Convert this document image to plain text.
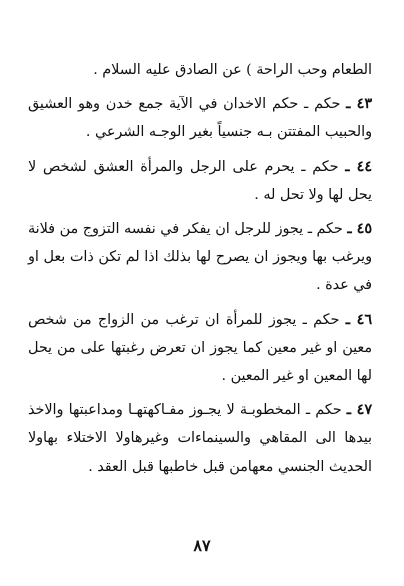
الطعام وحب الراحة ) عن الصادق عليه السلام .

٤٣ ـ حكم ـ حكم الاخدان في الآية جمع خدن وهو العشيق والحبيب المفتتن بـه جنسياً بغير الوجـه الشرعي .

٤٤ ـ حكم ـ يحرم على الرجل والمرأة العشق لشخص لا يحل لها ولا تحل له .

٤٥ ـ حكم ـ يجوز للرجل ان يفكر في نفسه التزوج من فلانة ويرغب بها ويجوز ان يصرح لها بذلك اذا لم تكن ذات بعل او في عدة .

٤٦ ـ حكم ـ يجوز للمرأة ان ترغب من الزواج من شخص معين او غير معين كما يجوز ان تعرض رغبتها على من يحل لها المعين او غير المعين .

٤٧ ـ حكم ـ المخطوبـة لا يجـوز مفـاكهتهـا ومداعبتها والاخذ بيدها الى المقاهي والسينماءات وغيرهاولا الاختلاء بهاولا الحديث الجنسي معهامن قبل خاطبها قبل العقد .

٨٧
